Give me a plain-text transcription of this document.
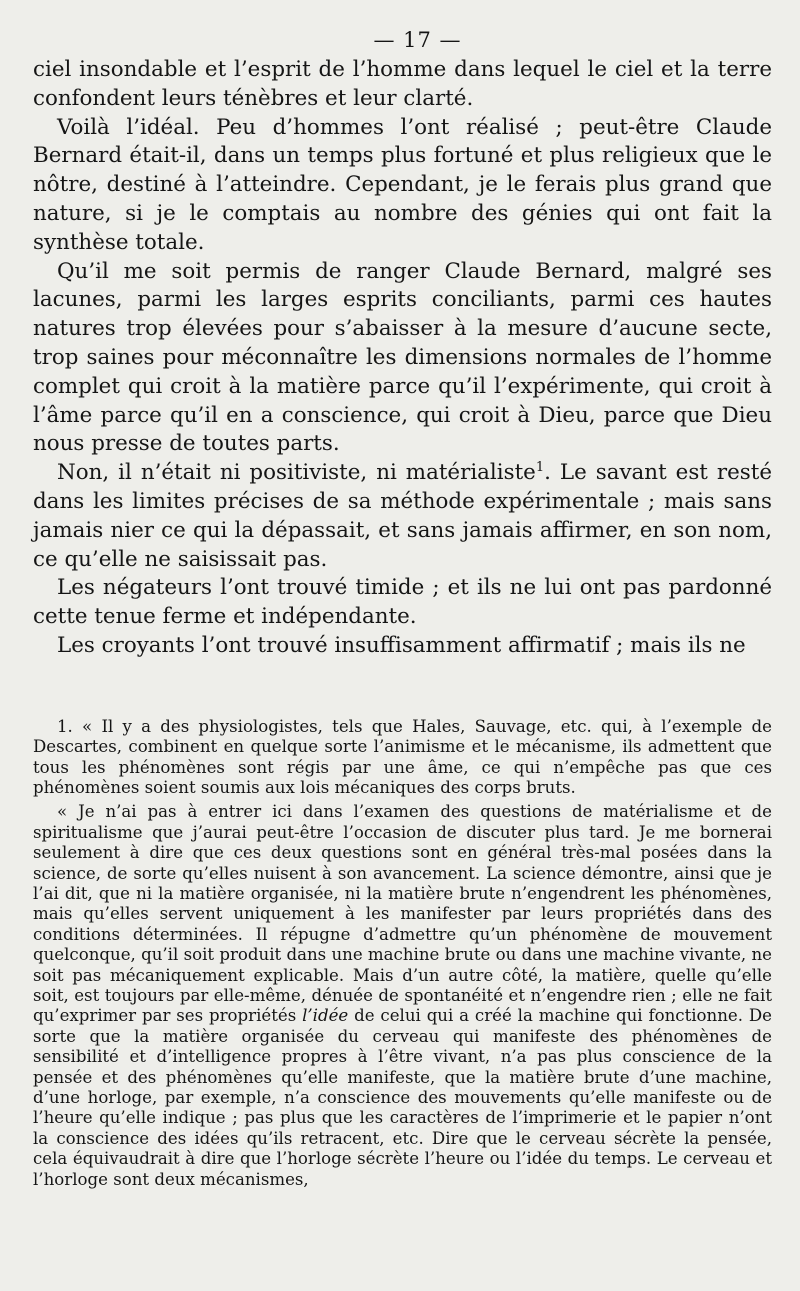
— 17 —

ciel insondable et l’esprit de l’homme dans lequel le ciel et la terre confondent leurs ténèbres et leur clarté.

Voilà l’idéal. Peu d’hommes l’ont réalisé ; peut-être Claude Bernard était-il, dans un temps plus fortuné et plus religieux que le nôtre, destiné à l’atteindre. Cependant, je le ferais plus grand que nature, si je le comptais au nombre des génies qui ont fait la synthèse totale.

Qu’il me soit permis de ranger Claude Bernard, malgré ses lacunes, parmi les larges esprits conciliants, parmi ces hautes natures trop élevées pour s’abaisser à la mesure d’aucune secte, trop saines pour méconnaître les dimensions normales de l’homme complet qui croit à la matière parce qu’il l’expérimente, qui croit à l’âme parce qu’il en a conscience, qui croit à Dieu, parce que Dieu nous presse de toutes parts.

Non, il n’était ni positiviste, ni matérialiste$^1$. Le savant est resté dans les limites précises de sa méthode expérimentale ; mais sans jamais nier ce qui la dépassait, et sans jamais affirmer, en son nom, ce qu’elle ne saisissait pas.

Les négateurs l’ont trouvé timide ; et ils ne lui ont pas pardonné cette tenue ferme et indépendante.

Les croyants l’ont trouvé insuffisamment affirmatif ; mais ils ne

1. « Il y a des physiologistes, tels que Hales, Sauvage, etc. qui, à l’exemple de Descartes, combinent en quelque sorte l’animisme et le mécanisme, ils admettent que tous les phénomènes sont régis par une âme, ce qui n’empêche pas que ces phénomènes soient soumis aux lois mécaniques des corps bruts.

« Je n’ai pas à entrer ici dans l’examen des questions de matérialisme et de spiritualisme que j’aurai peut-être l’occasion de discuter plus tard. Je me bornerai seulement à dire que ces deux questions sont en général très-mal posées dans la science, de sorte qu’elles nuisent à son avancement. La science démontre, ainsi que je l’ai dit, que ni la matière organisée, ni la matière brute n’engendrent les phénomènes, mais qu’elles servent uniquement à les manifester par leurs propriétés dans des conditions déterminées. Il répugne d’admettre qu’un phénomène de mouvement quelconque, qu’il soit produit dans une machine brute ou dans une machine vivante, ne soit pas mécaniquement explicable. Mais d’un autre côté, la matière, quelle qu’elle soit, est toujours par elle-même, dénuée de spontanéité et n’engendre rien ; elle ne fait qu’exprimer par ses propriétés l’idée de celui qui a créé la machine qui fonctionne. De sorte que la matière organisée du cerveau qui manifeste des phénomènes de sensibilité et d’intelligence propres à l’être vivant, n’a pas plus conscience de la pensée et des phénomènes qu’elle manifeste, que la matière brute d’une machine, d’une horloge, par exemple, n’a conscience des mouvements qu’elle manifeste ou de l’heure qu’elle indique ; pas plus que les caractères de l’imprimerie et le papier n’ont la conscience des idées qu’ils retracent, etc. Dire que le cerveau sécrète la pensée, cela équivaudrait à dire que l’horloge sécrète l’heure ou l’idée du temps. Le cerveau et l’horloge sont deux mécanismes,
